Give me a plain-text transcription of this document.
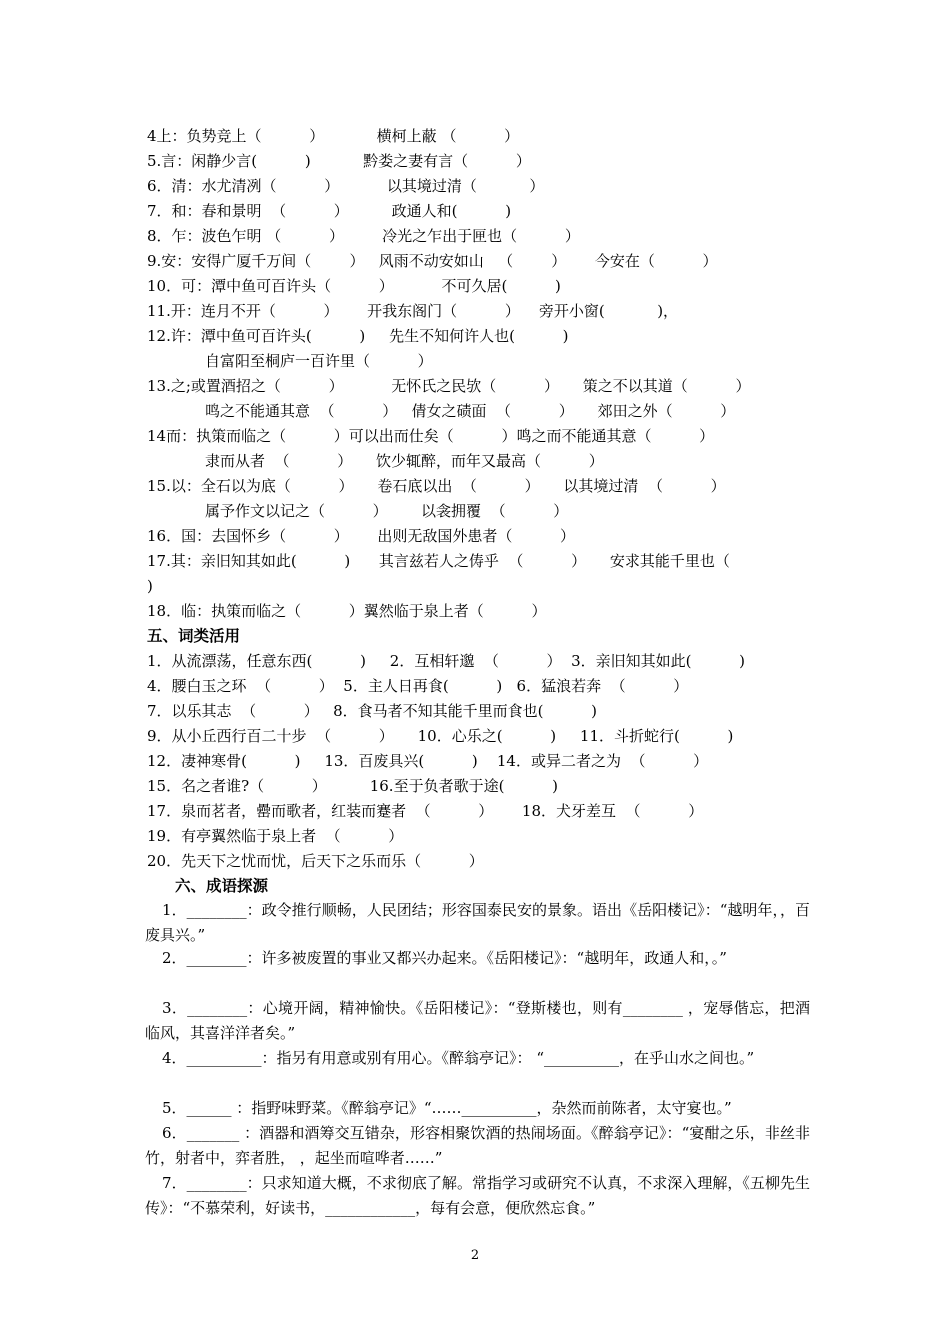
4上：负势竞上（          ）           横柯上蔽 （          ）
5.言：闲静少言(          )           黔娄之妻有言（          ）
6．清：水尤清冽（          ）          以其境过清（           ）
7．和：春和景明  （          ）         政通人和(          )
8．乍：波色乍明 （          ）        冷光之乍出于匣也（          ）
9.安：安得广厦千万间（        ）   风雨不动安如山   （        ）      今安在（          ）
10．可：潭中鱼可百许头（          ）          不可久居(          )
11.开：连月不开（          ）      开我东阁门（          ）    旁开小窗(           )，
12.许：潭中鱼可百许头(          )     先生不知何许人也(          )
自富阳至桐庐一百许里（          ）
13.之;或置酒招之（          ）          无怀氏之民欤（          ）     策之不以其道（          ）
鸣之不能通其意  （          ）   倩女之碛面  （          ）     郊田之外（          ）
14而：执策而临之（          ）可以出而仕矣（          ）鸣之而不能通其意（          ）
隶而从者  （          ）     饮少辄醉，而年又最高（          ）
15.以：全石以为底（          ）     卷石底以出  （          ）     以其境过清  （          ）
属予作文以记之（          ）       以衾拥覆  （          ）
16．国：去国怀乡（          ）      出则无敌国外患者（          ）
17.其：亲旧知其如此(          )      其言兹若人之俦乎  （          ）     安求其能千里也（
)
18．临：执策而临之（          ）翼然临于泉上者（          ）
五、词类活用
1．从流漂荡，任意东西(          )     2．互相轩邈  （          ）  3．亲旧知其如此(          )
4．腰白玉之环  （          ）  5．主人日再食(          )   6．猛浪若奔  （          ）
7．以乐其志  （          ）   8．食马者不知其能千里而食也(          )
9．从小丘西行百二十步  （          ）     10．心乐之(          )     11．斗折蛇行(          )
12．凄神寒骨(          )     13．百废具兴(          )    14．或异二者之为  （          ）
15．名之者谁?（          ）         16.至于负者歌于途(          )
17．泉而茗者，罍而歌者，红装而蹇者  （          ）      18．犬牙差互  （          ）
19．有亭翼然临于泉上者  （          ）
20．先天下之忧而忧，后天下之乐而乐（          ）
六、成语探源
1．________：政令推行顺畅，人民团结；形容国泰民安的景象。语出《岳阳楼记》：“越明年，，百废具兴。”
2．________：许多被废置的事业又都兴办起来。《岳阳楼记》：“越明年，政通人和，。”
3．________：心境开阔，精神愉快。《岳阳楼记》：“登斯楼也，则有________ ，宠辱偕忘，把酒临风，其喜洋洋者矣。”
4．__________：指另有用意或别有用心。《醉翁亭记》： “__________，在乎山水之间也。”
5．______ ：指野味野菜。《醉翁亭记》“……__________，杂然而前陈者，太守宴也。”
6．_______ ：酒器和酒筹交互错杂，形容相聚饮酒的热闹场面。《醉翁亭记》：“宴酣之乐，非丝非竹，射者中，弈者胜， ，起坐而喧哗者……”
7．________：只求知道大概，不求彻底了解。常指学习或研究不认真，不求深入理解，《五柳先生传》：“不慕荣利，好读书，____________，每有会意，便欣然忘食。”
2
